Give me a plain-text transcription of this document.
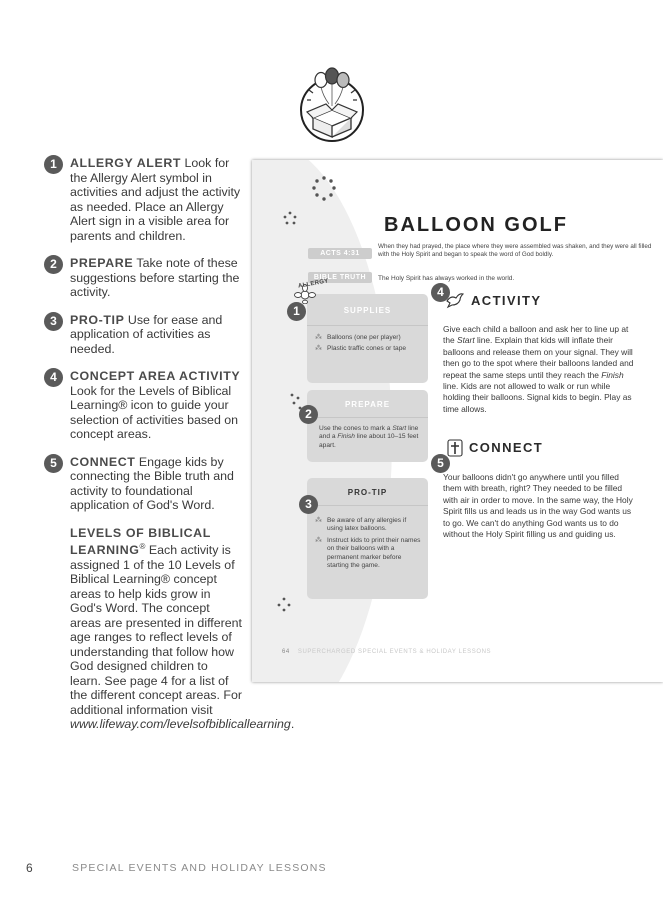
1	ALLERGY ALERT Look for the Allergy Alert symbol in activities and adjust the activity as needed. Place an Allergy Alert sign in a visible area for parents and children.
2	PREPARE Take note of these suggestions before starting the activity.
3	PRO-TIP Use for ease and application of activities as needed.
4	CONCEPT AREA ACTIVITY Look for the Levels of Biblical Learning® icon to guide your selection of activities based on concept areas.
5	CONNECT Engage kids by connecting the Bible truth and activity to foundational application of God's Word.
LEVELS OF BIBLICAL LEARNING® Each activity is assigned 1 of the 10 Levels of Biblical Learning® concept areas to help kids grow in God's Word. The concept areas are presented in different age ranges to reflect levels of understanding that follow how God designed children to learn. See page 4 for a list of the different concept areas. For additional information visit www.lifeway.com/levelsofbiblicallearning.
6	SPECIAL EVENTS AND HOLIDAY LESSONS
BALLOON GOLF
ACTS 4:31
When they had prayed, the place where they were assembled was shaken, and they were all filled with the Holy Spirit and began to speak the word of God boldly.
BIBLE TRUTH	The Holy Spirit has always worked in the world.
SUPPLIES
⁂ Balloons (one per player)
⁂ Plastic traffic cones or tape
ALLERGY
1
PREPARE
Use the cones to mark a Start line and a Finish line about 10–15 feet apart.
2
PRO-TIP
⁂ Be aware of any allergies if using latex balloons.
⁂ Instruct kids to print their names on their balloons with a permanent marker before starting the game.
3
4
ACTIVITY
Give each child a balloon and ask her to line up at the Start line. Explain that kids will inflate their balloons and release them on your signal. They will then go to the spot where their balloons landed and repeat the same steps until they reach the Finish line. Kids are not allowed to walk or run while holding their balloons. Signal kids to begin. Play as time allows.
5
CONNECT
Your balloons didn't go anywhere until you filled them with breath, right? They needed to be filled with air in order to move. In the same way, the Holy Spirit fills us and leads us in the way God wants us to go. We can't do anything God wants us to do without the Holy Spirit filling us and guiding us.
64 SUPERCHARGED SPECIAL EVENTS & HOLIDAY LESSONS
